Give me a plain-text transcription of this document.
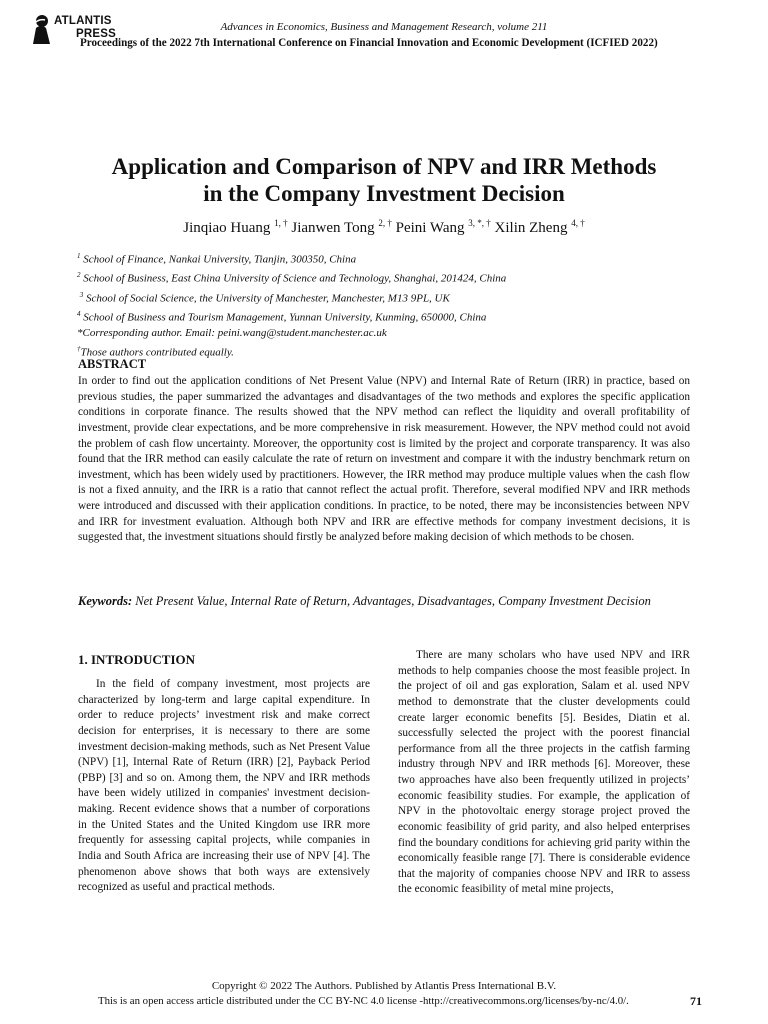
ATLANTIS
PRESS
Advances in Economics, Business and Management Research, volume 211
Proceedings of the 2022 7th International Conference on Financial Innovation and Economic Development (ICFIED 2022)
Application and Comparison of NPV and IRR Methods
in the Company Investment Decision
Jinqiao Huang $^{1, \dagger}$ Jianwen Tong $^{2, \dagger}$ Peini Wang $^{3, *, \dagger}$ Xilin Zheng $^{4, \dagger}$
$^1$ School of Finance, Nankai University, Tianjin, 300350, China
$^2$ School of Business, East China University of Science and Technology, Shanghai, 201424, China
$^3$ School of Social Science, the University of Manchester, Manchester, M13 9PL, UK
$^4$ School of Business and Tourism Management, Yunnan University, Kunming, 650000, China
*Corresponding author. Email: peini.wang@student.manchester.ac.uk
†Those authors contributed equally.
ABSTRACT
In order to find out the application conditions of Net Present Value (NPV) and Internal Rate of Return (IRR) in practice, based on previous studies, the paper summarized the advantages and disadvantages of the two methods and explores the specific application conditions in corporate finance. The results showed that the NPV method can reflect the liquidity and overall profitability of investment, provide clear expectations, and be more comprehensive in risk measurement. However, the NPV method could not avoid the problem of cash flow uncertainty. Moreover, the opportunity cost is limited by the project and corporate transparency. It was also found that the IRR method can easily calculate the rate of return on investment and compare it with the industry benchmark return on investment, which has been widely used by practitioners. However, the IRR method may produce multiple values when the cash flow is not a fixed annuity, and the IRR is a ratio that cannot reflect the actual profit. Therefore, several modified NPV and IRR methods were introduced and discussed with their application conditions. In practice, to be noted, there may be inconsistencies between NPV and IRR for investment evaluation. Although both NPV and IRR are effective methods for company investment decisions, it is suggested that, the investment situations should firstly be analyzed before making decision of which methods to be chosen.
Keywords: Net Present Value, Internal Rate of Return, Advantages, Disadvantages, Company Investment Decision
1. INTRODUCTION
In the field of company investment, most projects are characterized by long-term and large capital expenditure. In order to reduce projects’ investment risk and make correct decision for enterprises, it is necessary to there are some investment decision-making methods, such as Net Present Value (NPV) [1], Internal Rate of Return (IRR) [2], Payback Period (PBP) [3] and so on. Among them, the NPV and IRR methods have been widely utilized in companies' investment decision-making. Recent evidence shows that a number of corporations in the United States and the United Kingdom use IRR more frequently for assessing capital projects, while companies in India and South Africa are increasing their use of NPV [4]. The phenomenon above shows that both ways are extensively recognized as useful and practical methods.
There are many scholars who have used NPV and IRR methods to help companies choose the most feasible project. In the project of oil and gas exploration, Salam et al. used NPV method to demonstrate that the cluster developments could create larger economic benefits [5]. Besides, Diatin et al. successfully selected the project with the poorest financial performance from all the three projects in the catfish farming industry through NPV and IRR methods [6]. Moreover, these two approaches have also been frequently utilized in projects’ economic feasibility studies. For example, the application of NPV in the photovoltaic energy storage project proved the economic feasibility of grid parity, and also helped enterprises find the boundary conditions for achieving grid parity within the economically feasible range [7]. There is considerable evidence that the majority of companies choose NPV and IRR to assess the economic feasibility of metal mine projects,
Copyright © 2022 The Authors. Published by Atlantis Press International B.V.
This is an open access article distributed under the CC BY-NC 4.0 license -http://creativecommons.org/licenses/by-nc/4.0/.	71
